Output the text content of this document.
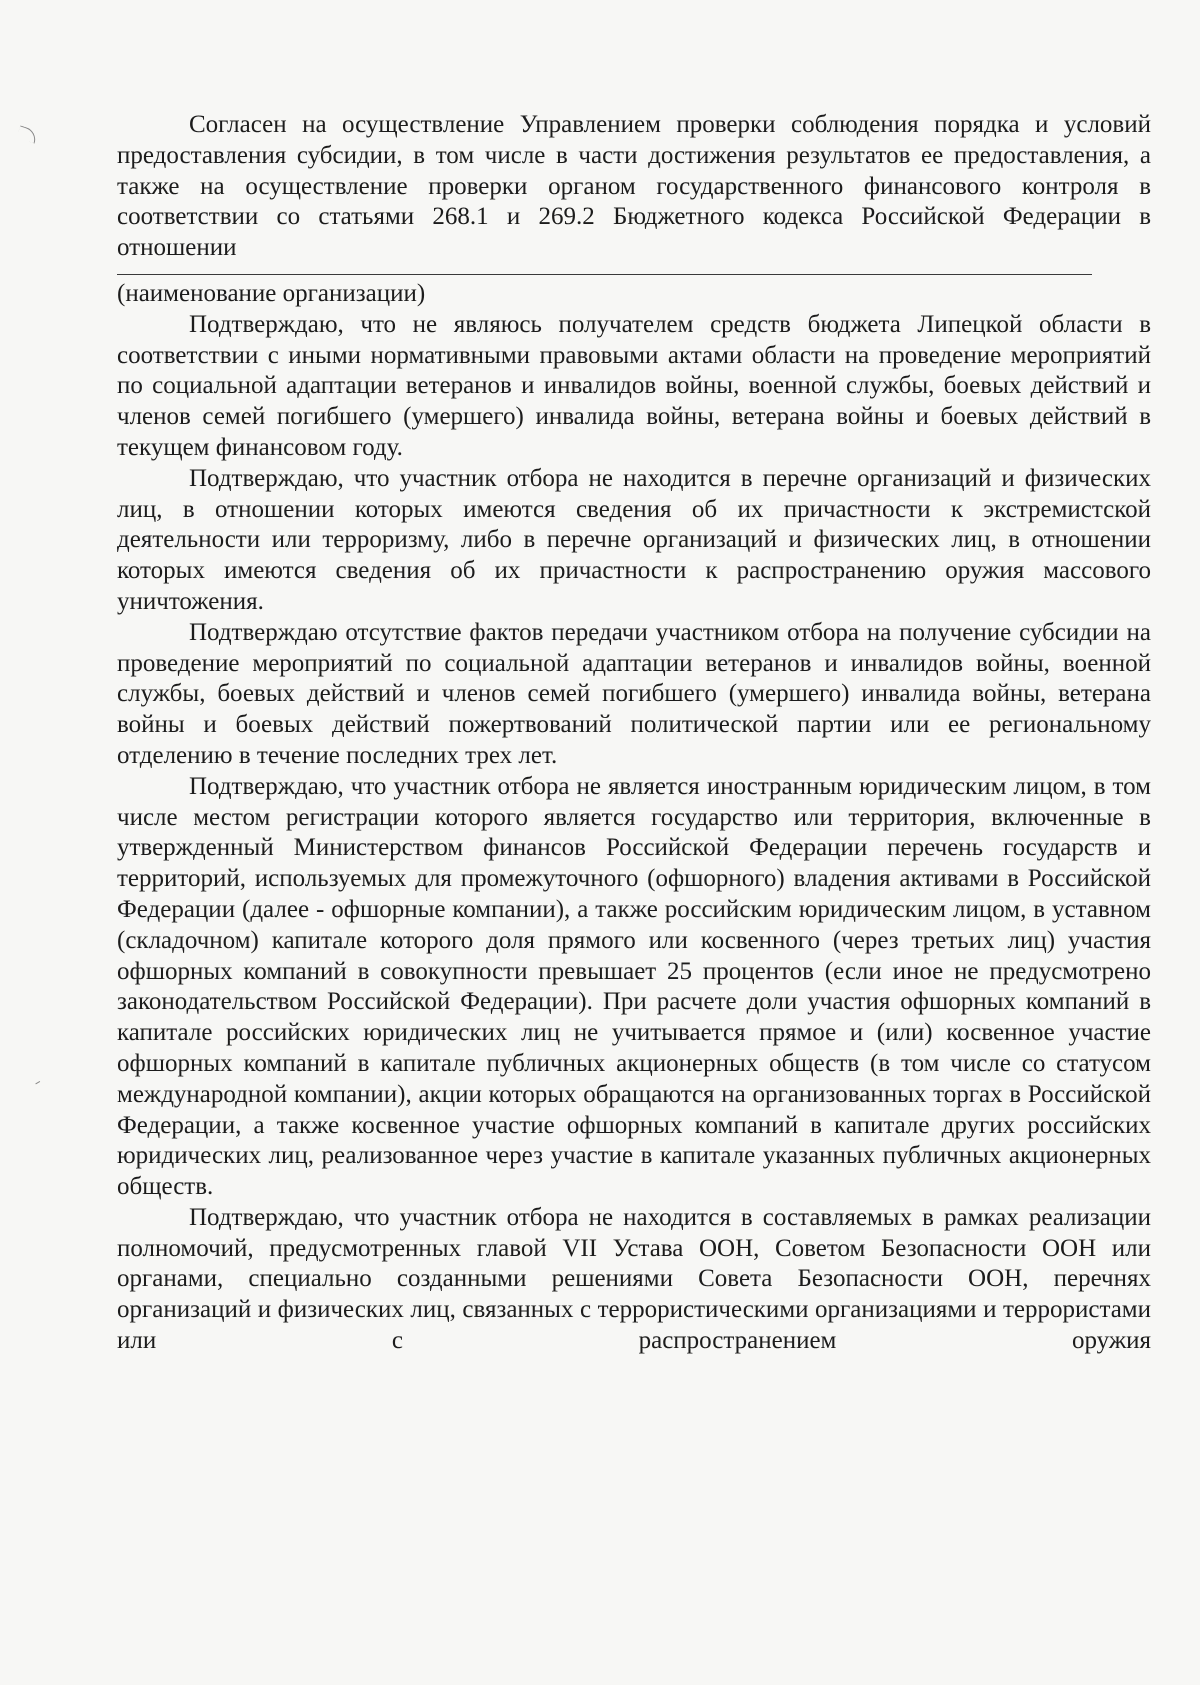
Согласен на осуществление Управлением проверки соблюдения порядка и условий предоставления субсидии, в том числе в части достижения результатов ее предоставления, а также на осуществление проверки органом государственного финансового контроля в соответствии со статьями 268.1 и 269.2 Бюджетного кодекса Российской Федерации в отношении

(наименование организации)

Подтверждаю, что не являюсь получателем средств бюджета Липецкой области в соответствии с иными нормативными правовыми актами области на проведение мероприятий по социальной адаптации ветеранов и инвалидов войны, военной службы, боевых действий и членов семей погибшего (умершего) инвалида войны, ветерана войны и боевых действий в текущем финансовом году.

Подтверждаю, что участник отбора не находится в перечне организаций и физических лиц, в отношении которых имеются сведения об их причастности к экстремистской деятельности или терроризму, либо в перечне организаций и физических лиц, в отношении которых имеются сведения об их причастности к распространению оружия массового уничтожения.

Подтверждаю отсутствие фактов передачи участником отбора на получение субсидии на проведение мероприятий по социальной адаптации ветеранов и инвалидов войны, военной службы, боевых действий и членов семей погибшего (умершего) инвалида войны, ветерана войны и боевых действий пожертвований политической партии или ее региональному отделению в течение последних трех лет.

Подтверждаю, что участник отбора не является иностранным юридическим лицом, в том числе местом регистрации которого является государство или территория, включенные в утвержденный Министерством финансов Российской Федерации перечень государств и территорий, используемых для промежуточного (офшорного) владения активами в Российской Федерации (далее - офшорные компании), а также российским юридическим лицом, в уставном (складочном) капитале которого доля прямого или косвенного (через третьих лиц) участия офшорных компаний в совокупности превышает 25 процентов (если иное не предусмотрено законодательством Российской Федерации). При расчете доли участия офшорных компаний в капитале российских юридических лиц не учитывается прямое и (или) косвенное участие офшорных компаний в капитале публичных акционерных обществ (в том числе со статусом международной компании), акции которых обращаются на организованных торгах в Российской Федерации, а также косвенное участие офшорных компаний в капитале других российских юридических лиц, реализованное через участие в капитале указанных публичных акционерных обществ.

Подтверждаю, что участник отбора не находится в составляемых в рамках реализации полномочий, предусмотренных главой VII Устава ООН, Советом Безопасности ООН или органами, специально созданными решениями Совета Безопасности ООН, перечнях организаций и физических лиц, связанных с террористическими организациями и террористами или с распространением оружия
